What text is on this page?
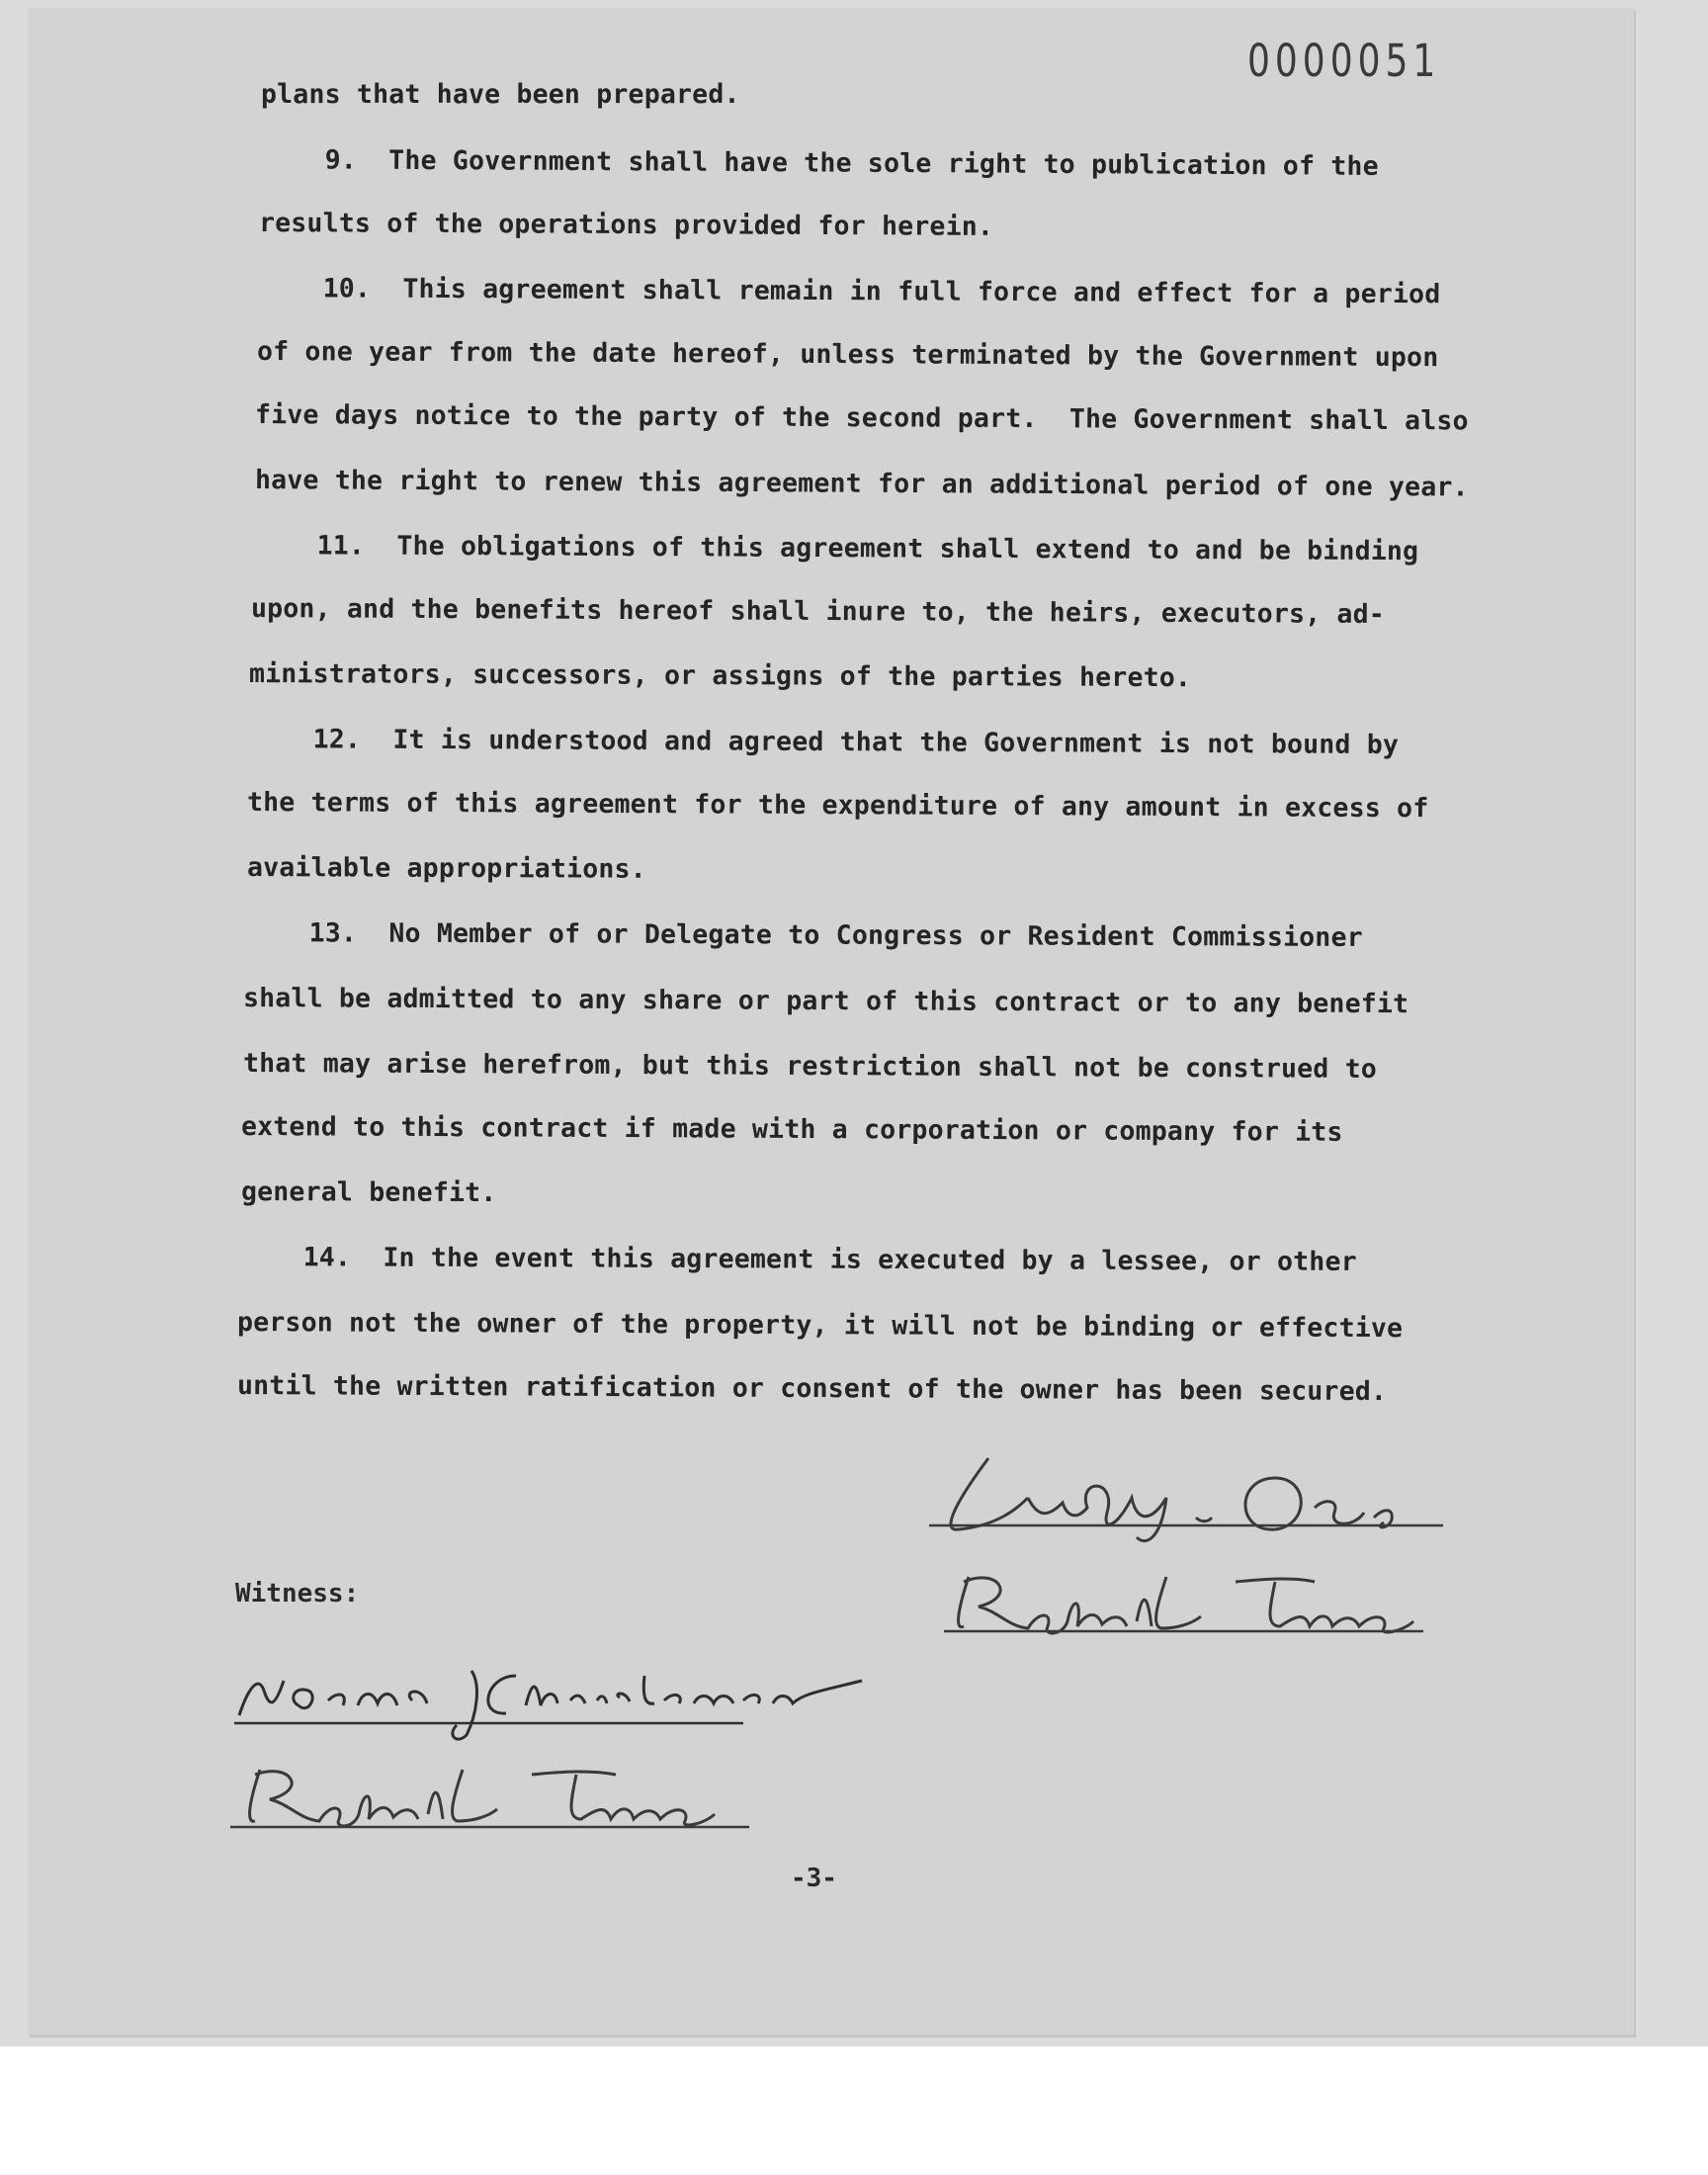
0000051
plans that have been prepared.
9.  The Government shall have the sole right to publication of the
results of the operations provided for herein.
10.  This agreement shall remain in full force and effect for a period
of one year from the date hereof, unless terminated by the Government upon
five days notice to the party of the second part.  The Government shall also
have the right to renew this agreement for an additional period of one year.
11.  The obligations of this agreement shall extend to and be binding
upon, and the benefits hereof shall inure to, the heirs, executors, ad-
ministrators, successors, or assigns of the parties hereto.
12.  It is understood and agreed that the Government is not bound by
the terms of this agreement for the expenditure of any amount in excess of
available appropriations.
13.  No Member of or Delegate to Congress or Resident Commissioner
shall be admitted to any share or part of this contract or to any benefit
that may arise herefrom, but this restriction shall not be construed to
extend to this contract if made with a corporation or company for its
general benefit.
14.  In the event this agreement is executed by a lessee, or other
person not the owner of the property, it will not be binding or effective
until the written ratification or consent of the owner has been secured.
Witness:
-3-
